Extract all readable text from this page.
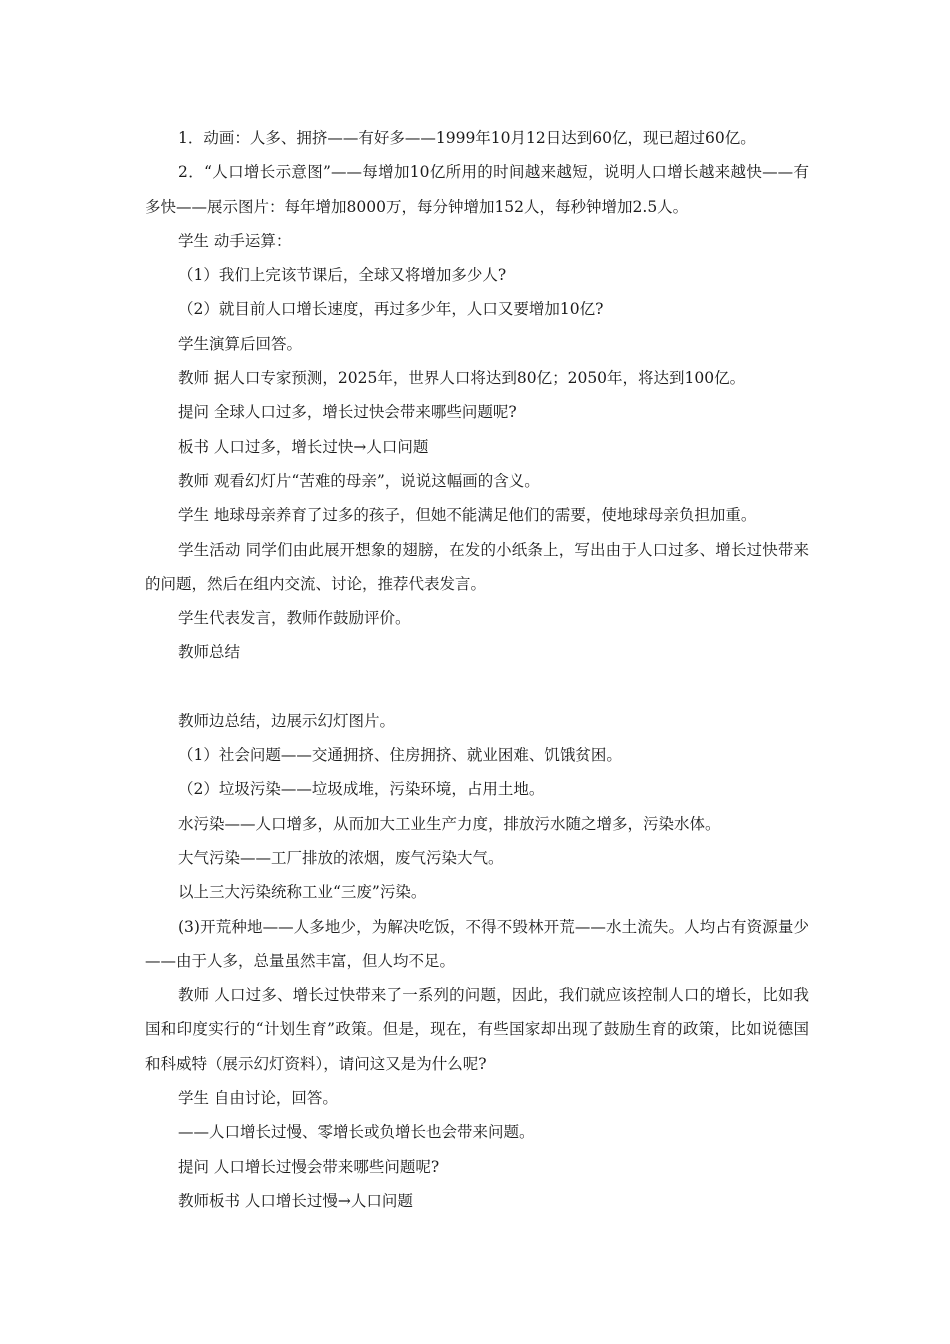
1．动画：人多、拥挤——有好多——1999年10月12日达到60亿，现已超过60亿。

2．“人口增长示意图”——每增加10亿所用的时间越来越短，说明人口增长越来越快——有多快——展示图片：每年增加8000万，每分钟增加152人，每秒钟增加2.5人。

学生 动手运算：

（1）我们上完该节课后，全球又将增加多少人?

（2）就目前人口增长速度，再过多少年，人口又要增加10亿?

学生演算后回答。

教师 据人口专家预测，2025年，世界人口将达到80亿；2050年，将达到100亿。

提问 全球人口过多，增长过快会带来哪些问题呢?

板书 人口过多，增长过快→人口问题

教师 观看幻灯片“苦难的母亲”，说说这幅画的含义。

学生 地球母亲养育了过多的孩子，但她不能满足他们的需要，使地球母亲负担加重。

学生活动 同学们由此展开想象的翅膀，在发的小纸条上，写出由于人口过多、增长过快带来的问题，然后在组内交流、讨论，推荐代表发言。

学生代表发言，教师作鼓励评价。

教师总结

教师边总结，边展示幻灯图片。

（1）社会问题——交通拥挤、住房拥挤、就业困难、饥饿贫困。

（2）垃圾污染——垃圾成堆，污染环境，占用土地。

水污染——人口增多，从而加大工业生产力度，排放污水随之增多，污染水体。

大气污染——工厂排放的浓烟，废气污染大气。

以上三大污染统称工业“三废”污染。

(3)开荒种地——人多地少，为解决吃饭，不得不毁林开荒——水土流失。人均占有资源量少——由于人多，总量虽然丰富，但人均不足。

教师 人口过多、增长过快带来了一系列的问题，因此，我们就应该控制人口的增长，比如我国和印度实行的“计划生育”政策。但是，现在，有些国家却出现了鼓励生育的政策，比如说德国和科威特（展示幻灯资料），请问这又是为什么呢?

学生 自由讨论，回答。

——人口增长过慢、零增长或负增长也会带来问题。

提问 人口增长过慢会带来哪些问题呢?

教师板书 人口增长过慢→人口问题
